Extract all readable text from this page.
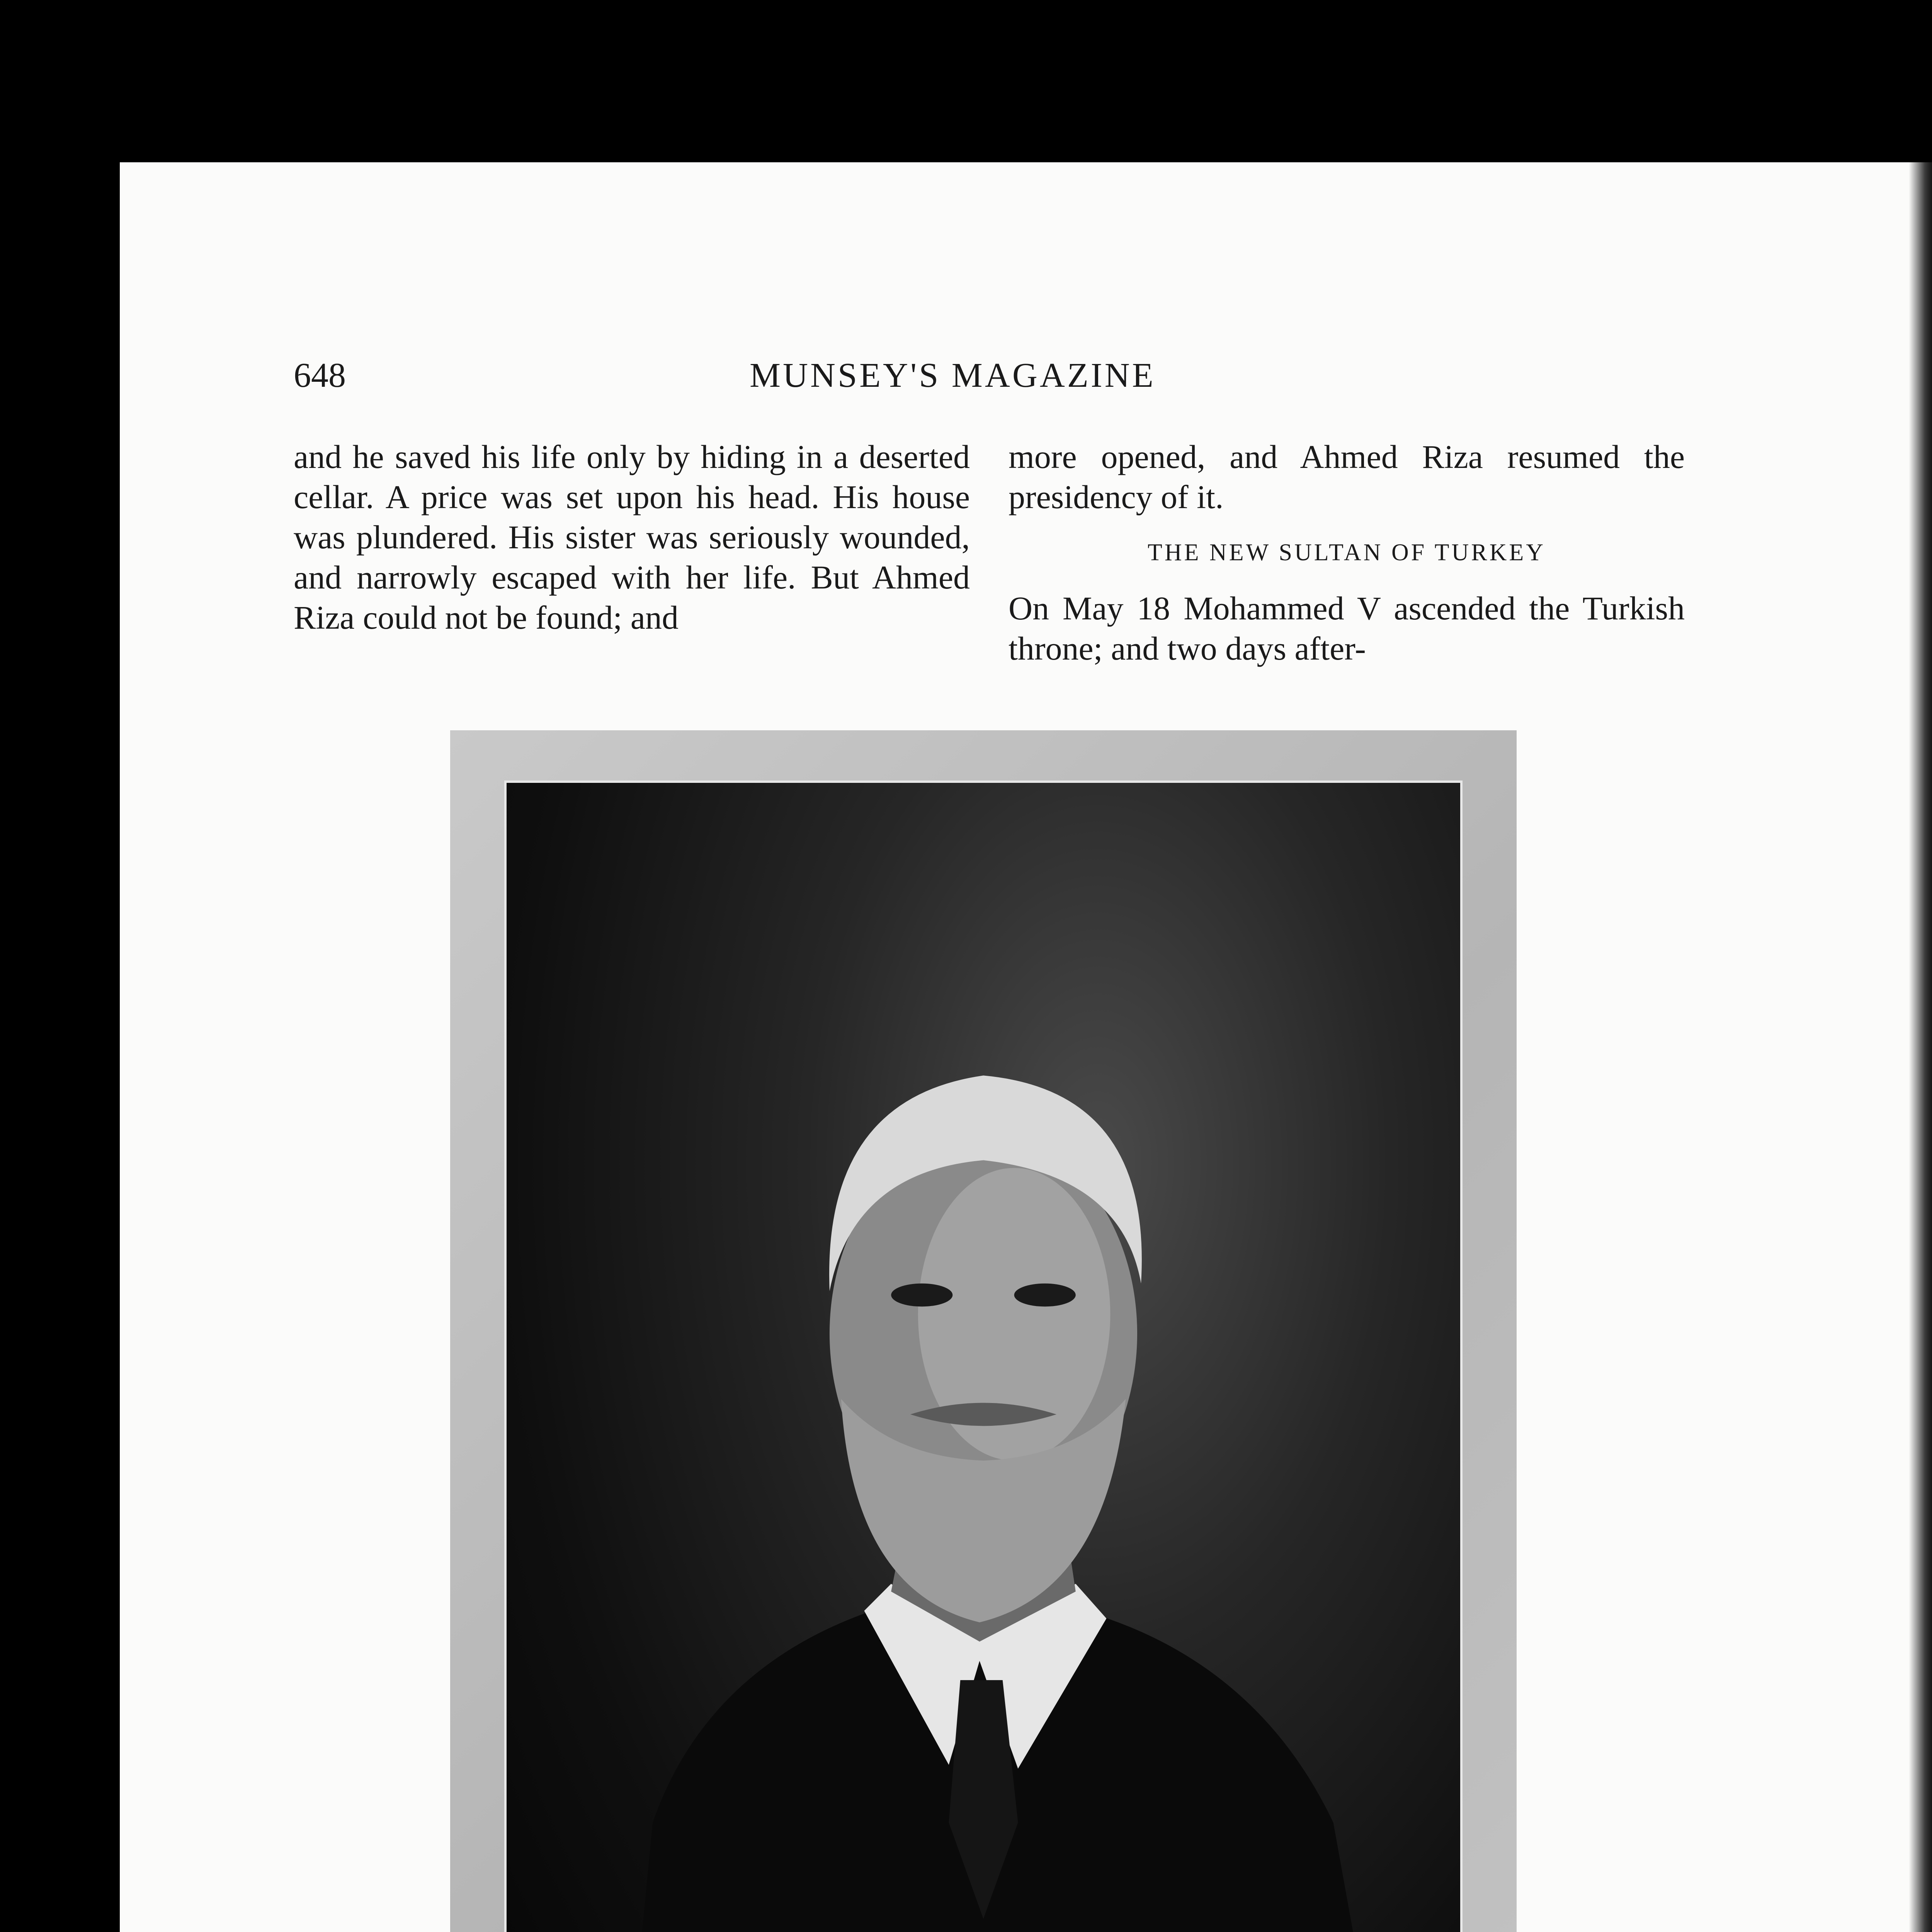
648	MUNSEY'S MAGAZINE

and he saved his life only by hiding in a deserted cellar. A price was set upon his head. His house was plundered. His sister was seriously wounded, and narrowly escaped with her life. But Ahmed Riza could not be found; and

more opened, and Ahmed Riza resumed the presidency of it.

THE NEW SULTAN OF TURKEY

On May 18 Mohammed V ascended the Turkish throne; and two days after-
